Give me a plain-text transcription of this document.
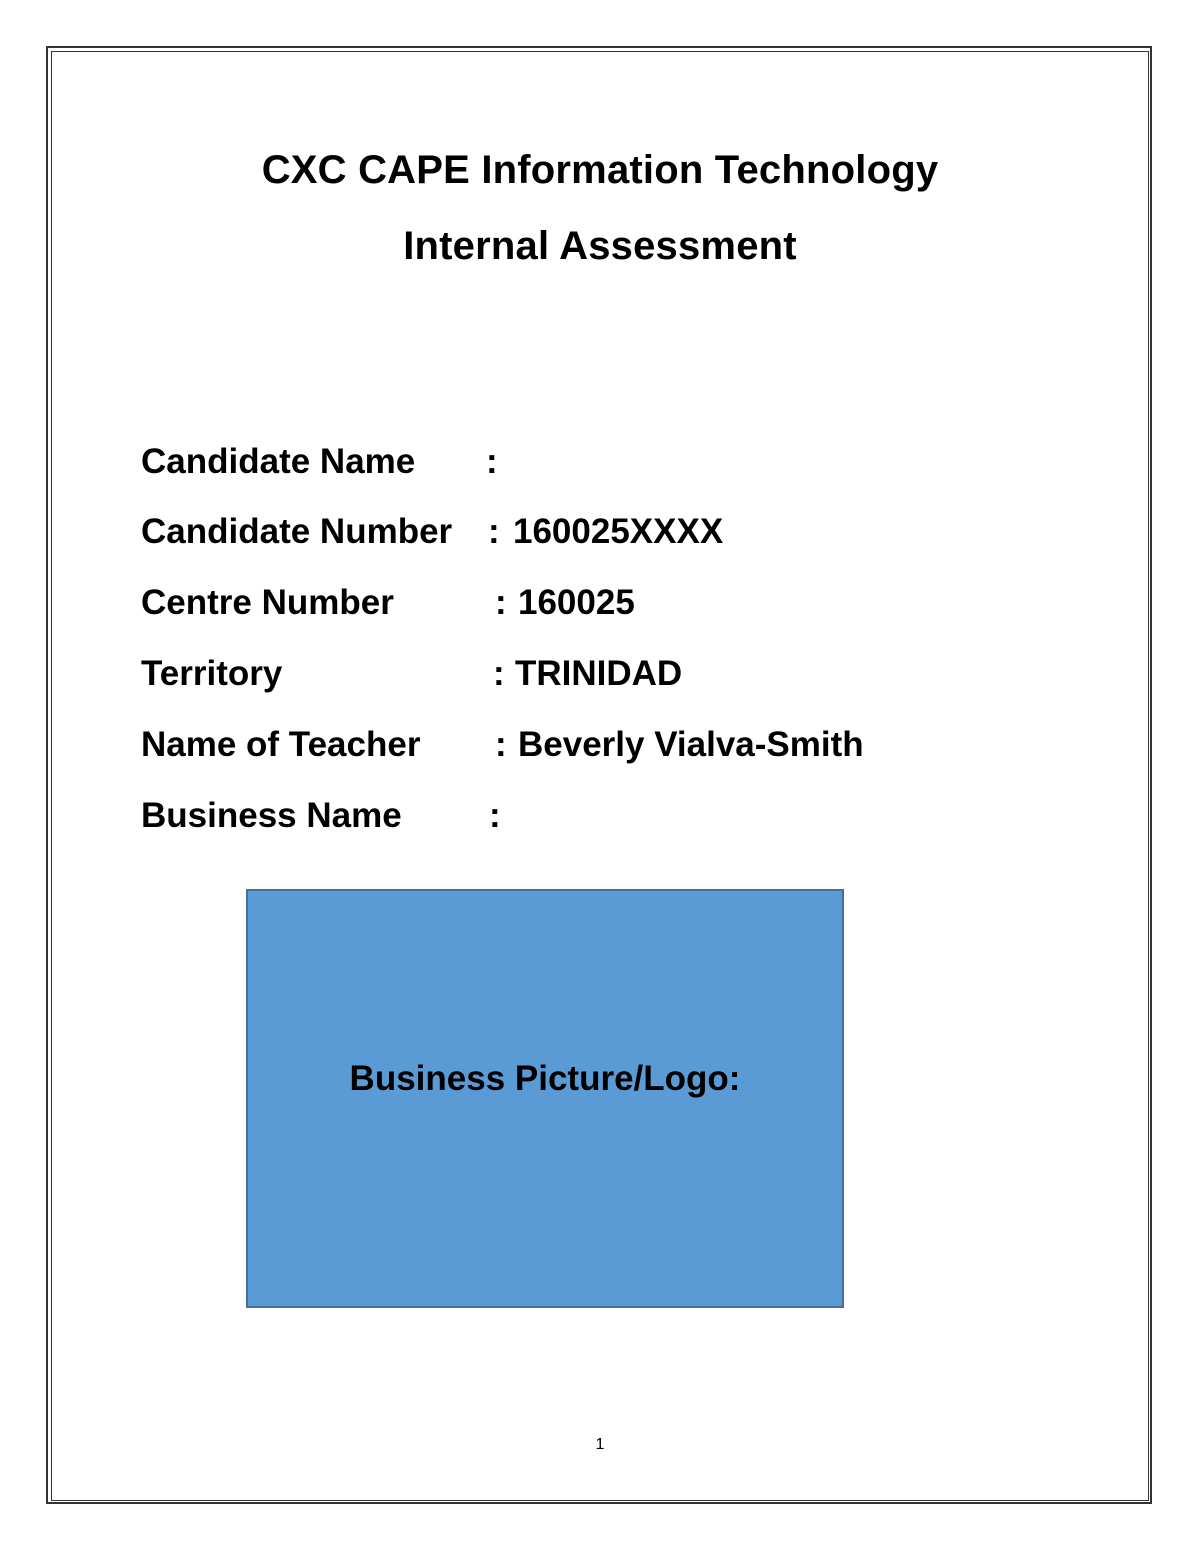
CXC CAPE Information Technology
Internal Assessment
Candidate Name :
Candidate Number : 160025XXXX
Centre Number	: 160025
Territory	: TRINIDAD
Name of Teacher : Beverly Vialva-Smith
Business Name :
Business Picture/Logo:
1
